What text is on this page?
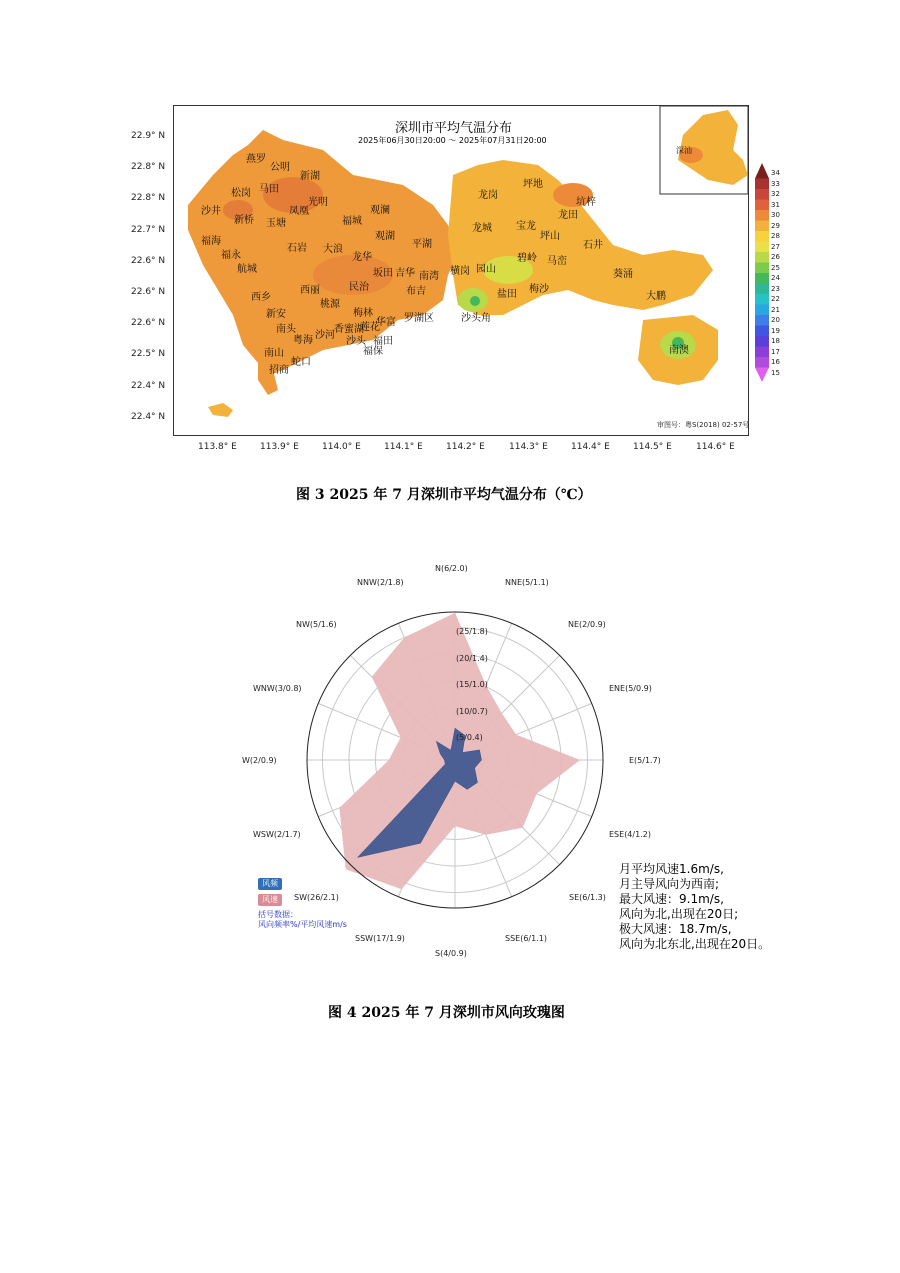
深圳市平均气温分布
2025年06月30日20:00 ～ 2025年07月31日20:00
深汕
审图号：粤S(2018) 02-57号
22.9° N
22.8° N
22.8° N
22.7° N
22.6° N
22.6° N
22.6° N
22.5° N
22.4° N
22.4° N
113.8° E	113.9° E	114.0° E	114.1° E	114.2° E	114.3° E	114.4° E	114.5° E	114.6° E
燕罗
公明
新湖
松岗 马田
凤凰
光明
沙井
新桥 玉塘	福城
观澜
福海
石岩
观湖
福永
大浪	平湖
航城
龙华
坂田 吉华 南湾
西乡
西丽	民治
新安
桃源
布吉
梅林
华富 罗湖区
南头
粤海 沙河
香蜜湖
莲花
沙头 福田
南山	福保
蛇口
招商
龙岗
坪地
坑梓
龙田
龙城 宝龙
坪山
石井
碧岭 马峦
横岗 园山	葵涌
梅沙
盐田	大鹏
沙头角
南澳
34
33
32
31
30
29
28
27
26
25
24
23
22
21
20
19
18
17
16
15
图 3 2025 年 7 月深圳市平均气温分布（℃）
(5/0.4)
(10/0.7)
(15/1.0)
(20/1.4)
(25/1.8)
N(6/2.0)
NNE(5/1.1)
NE(2/0.9)
ENE(5/0.9)
E(5/1.7)
ESE(4/1.2)
SE(6/1.3)
SSE(6/1.1)
S(4/0.9)
SSW(17/1.9)
SW(26/2.1)
WSW(2/1.7)
W(2/0.9)
WNW(3/0.8)
NW(5/1.6)
NNW(2/1.8)
风频
风速
括号数据：
风向频率%/平均风速m/s
月平均风速1.6m/s,
月主导风向为西南;
最大风速：9.1m/s,
风向为北,出现在20日;
极大风速：18.7m/s,
风向为北东北,出现在20日。
图 4 2025 年 7 月深圳市风向玫瑰图
